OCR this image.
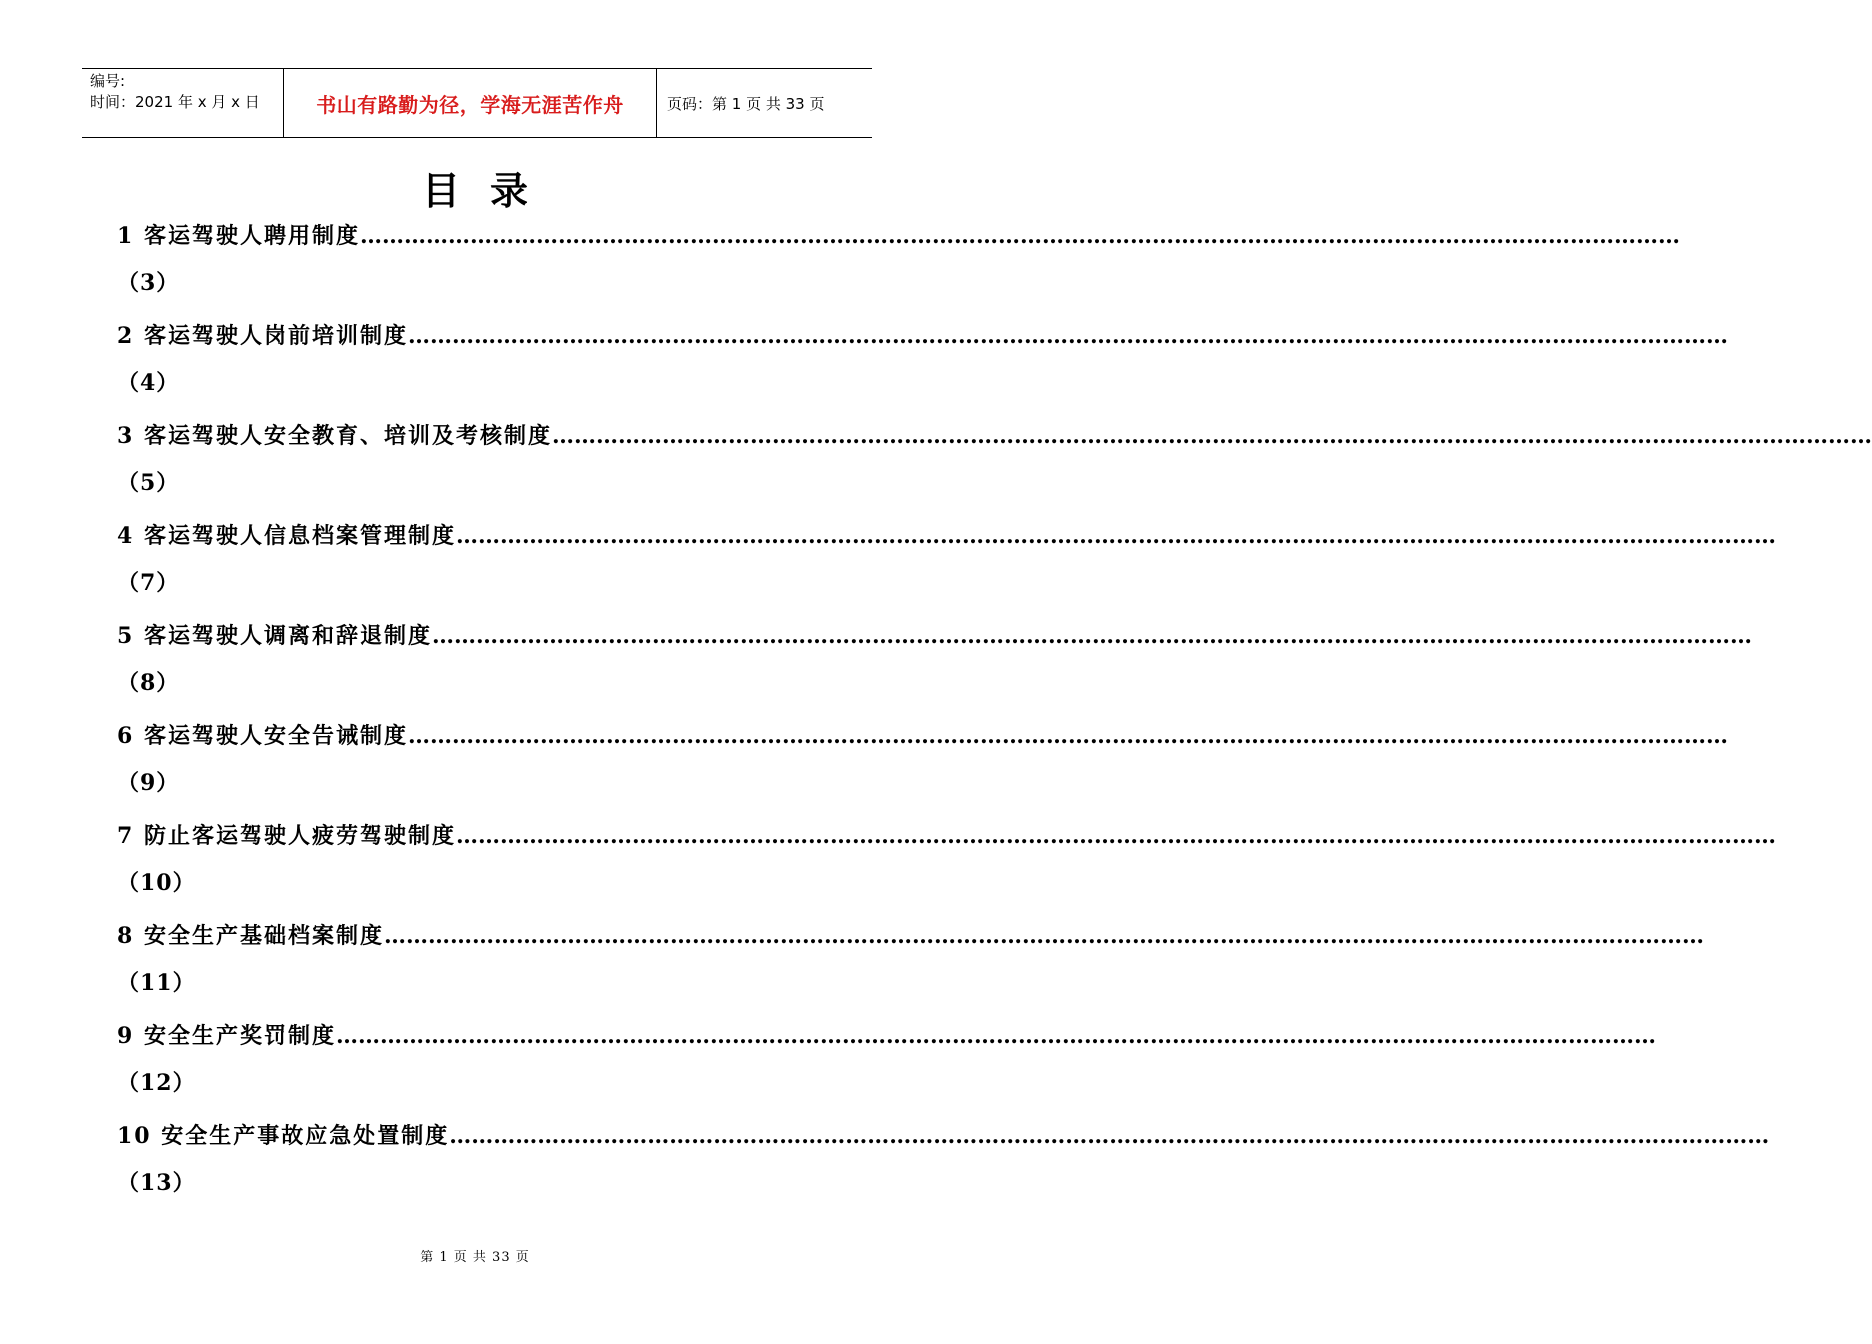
编号:
时间：2021 年 x 月 x 日	书山有路勤为径，学海无涯苦作舟	页码：第 1 页 共 33 页
目录
1 客运驾驶人聘用制度 ………………………………………………………………………………………………………………………………………………………………
（3）
2 客运驾驶人岗前培训制度 ………………………………………………………………………………………………………………………………………………………………
（4）
3 客运驾驶人安全教育、培训及考核制度 ………………………………………………………………………………………………………………………………………………………………
（5）
4 客运驾驶人信息档案管理制度 ………………………………………………………………………………………………………………………………………………………………
（7）
5 客运驾驶人调离和辞退制度 ………………………………………………………………………………………………………………………………………………………………
（8）
6 客运驾驶人安全告诫制度 ………………………………………………………………………………………………………………………………………………………………
（9）
7 防止客运驾驶人疲劳驾驶制度 ………………………………………………………………………………………………………………………………………………………………
（10）
8 安全生产基础档案制度 ………………………………………………………………………………………………………………………………………………………………
（11）
9 安全生产奖罚制度 ………………………………………………………………………………………………………………………………………………………………
（12）
10 安全生产事故应急处置制度 ………………………………………………………………………………………………………………………………………………………………
（13）
第 1 页 共 33 页
